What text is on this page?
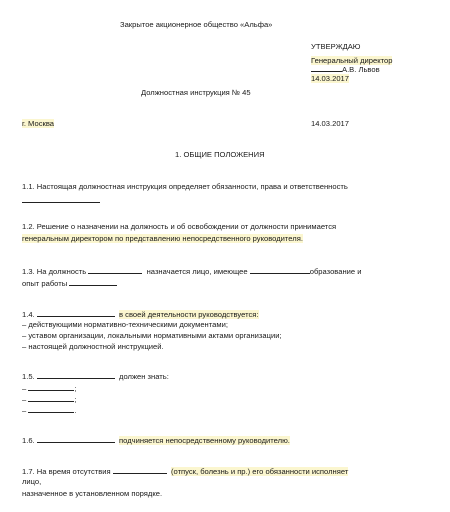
Закрытое акционерное общество «Альфа»
УТВЕРЖДАЮ
Генеральный директор
А.В. Львов
14.03.2017
Должностная инструкция № 45
г. Москва	14.03.2017
1. ОБЩИЕ ПОЛОЖЕНИЯ
1.1. Настоящая должностная инструкция определяет обязанности, права и ответственность
1.2. Решение о назначении на должность и об освобождении от должности принимается
генеральным директором по представлению непосредственного руководителя.
1.3. На должность	назначается лицо, имеющее	образование и
опыт работы
1.4.	в своей деятельности руководствуется:
– действующими нормативно-техническими документами;
– уставом организации, локальными нормативными актами организации;
– настоящей должностной инструкцией.
1.5.	должен знать:
–	;
–	;
–	.
1.6.	подчиняется непосредственному руководителю.
1.7. На время отсутствия	(отпуск, болезнь и пр.) его обязанности исполняет
лицо,
назначенное в установленном порядке.
